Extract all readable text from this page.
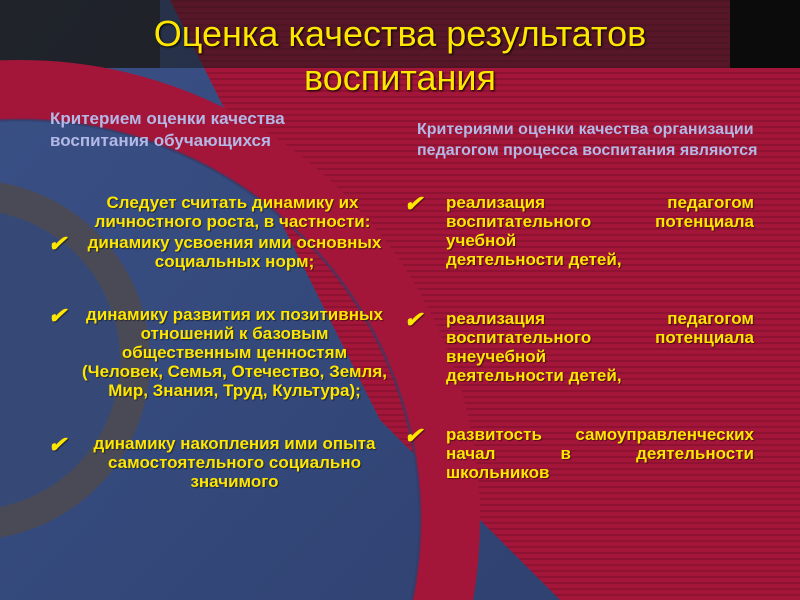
Оценка качества результатов воспитания
Критерием оценки качества воспитания обучающихся
Критериями оценки качества организации педагогом процесса воспитания являются
Следует считать динамику их личностного роста, в частности:
✔ динамику усвоения ими основных социальных норм;
✔ динамику развития их позитивных отношений к базовым общественным ценностям (Человек, Семья, Отечество, Земля, Мир, Знания, Труд, Культура);
✔ динамику накопления ими опыта самостоятельного социально значимого
✔ реализация педагогом воспитательного потенциала учебной
деятельности детей,
✔ реализация педагогом воспитательного потенциала внеучебной
деятельности детей,
✔ развитость самоуправленческих начал в деятельности
школьников
